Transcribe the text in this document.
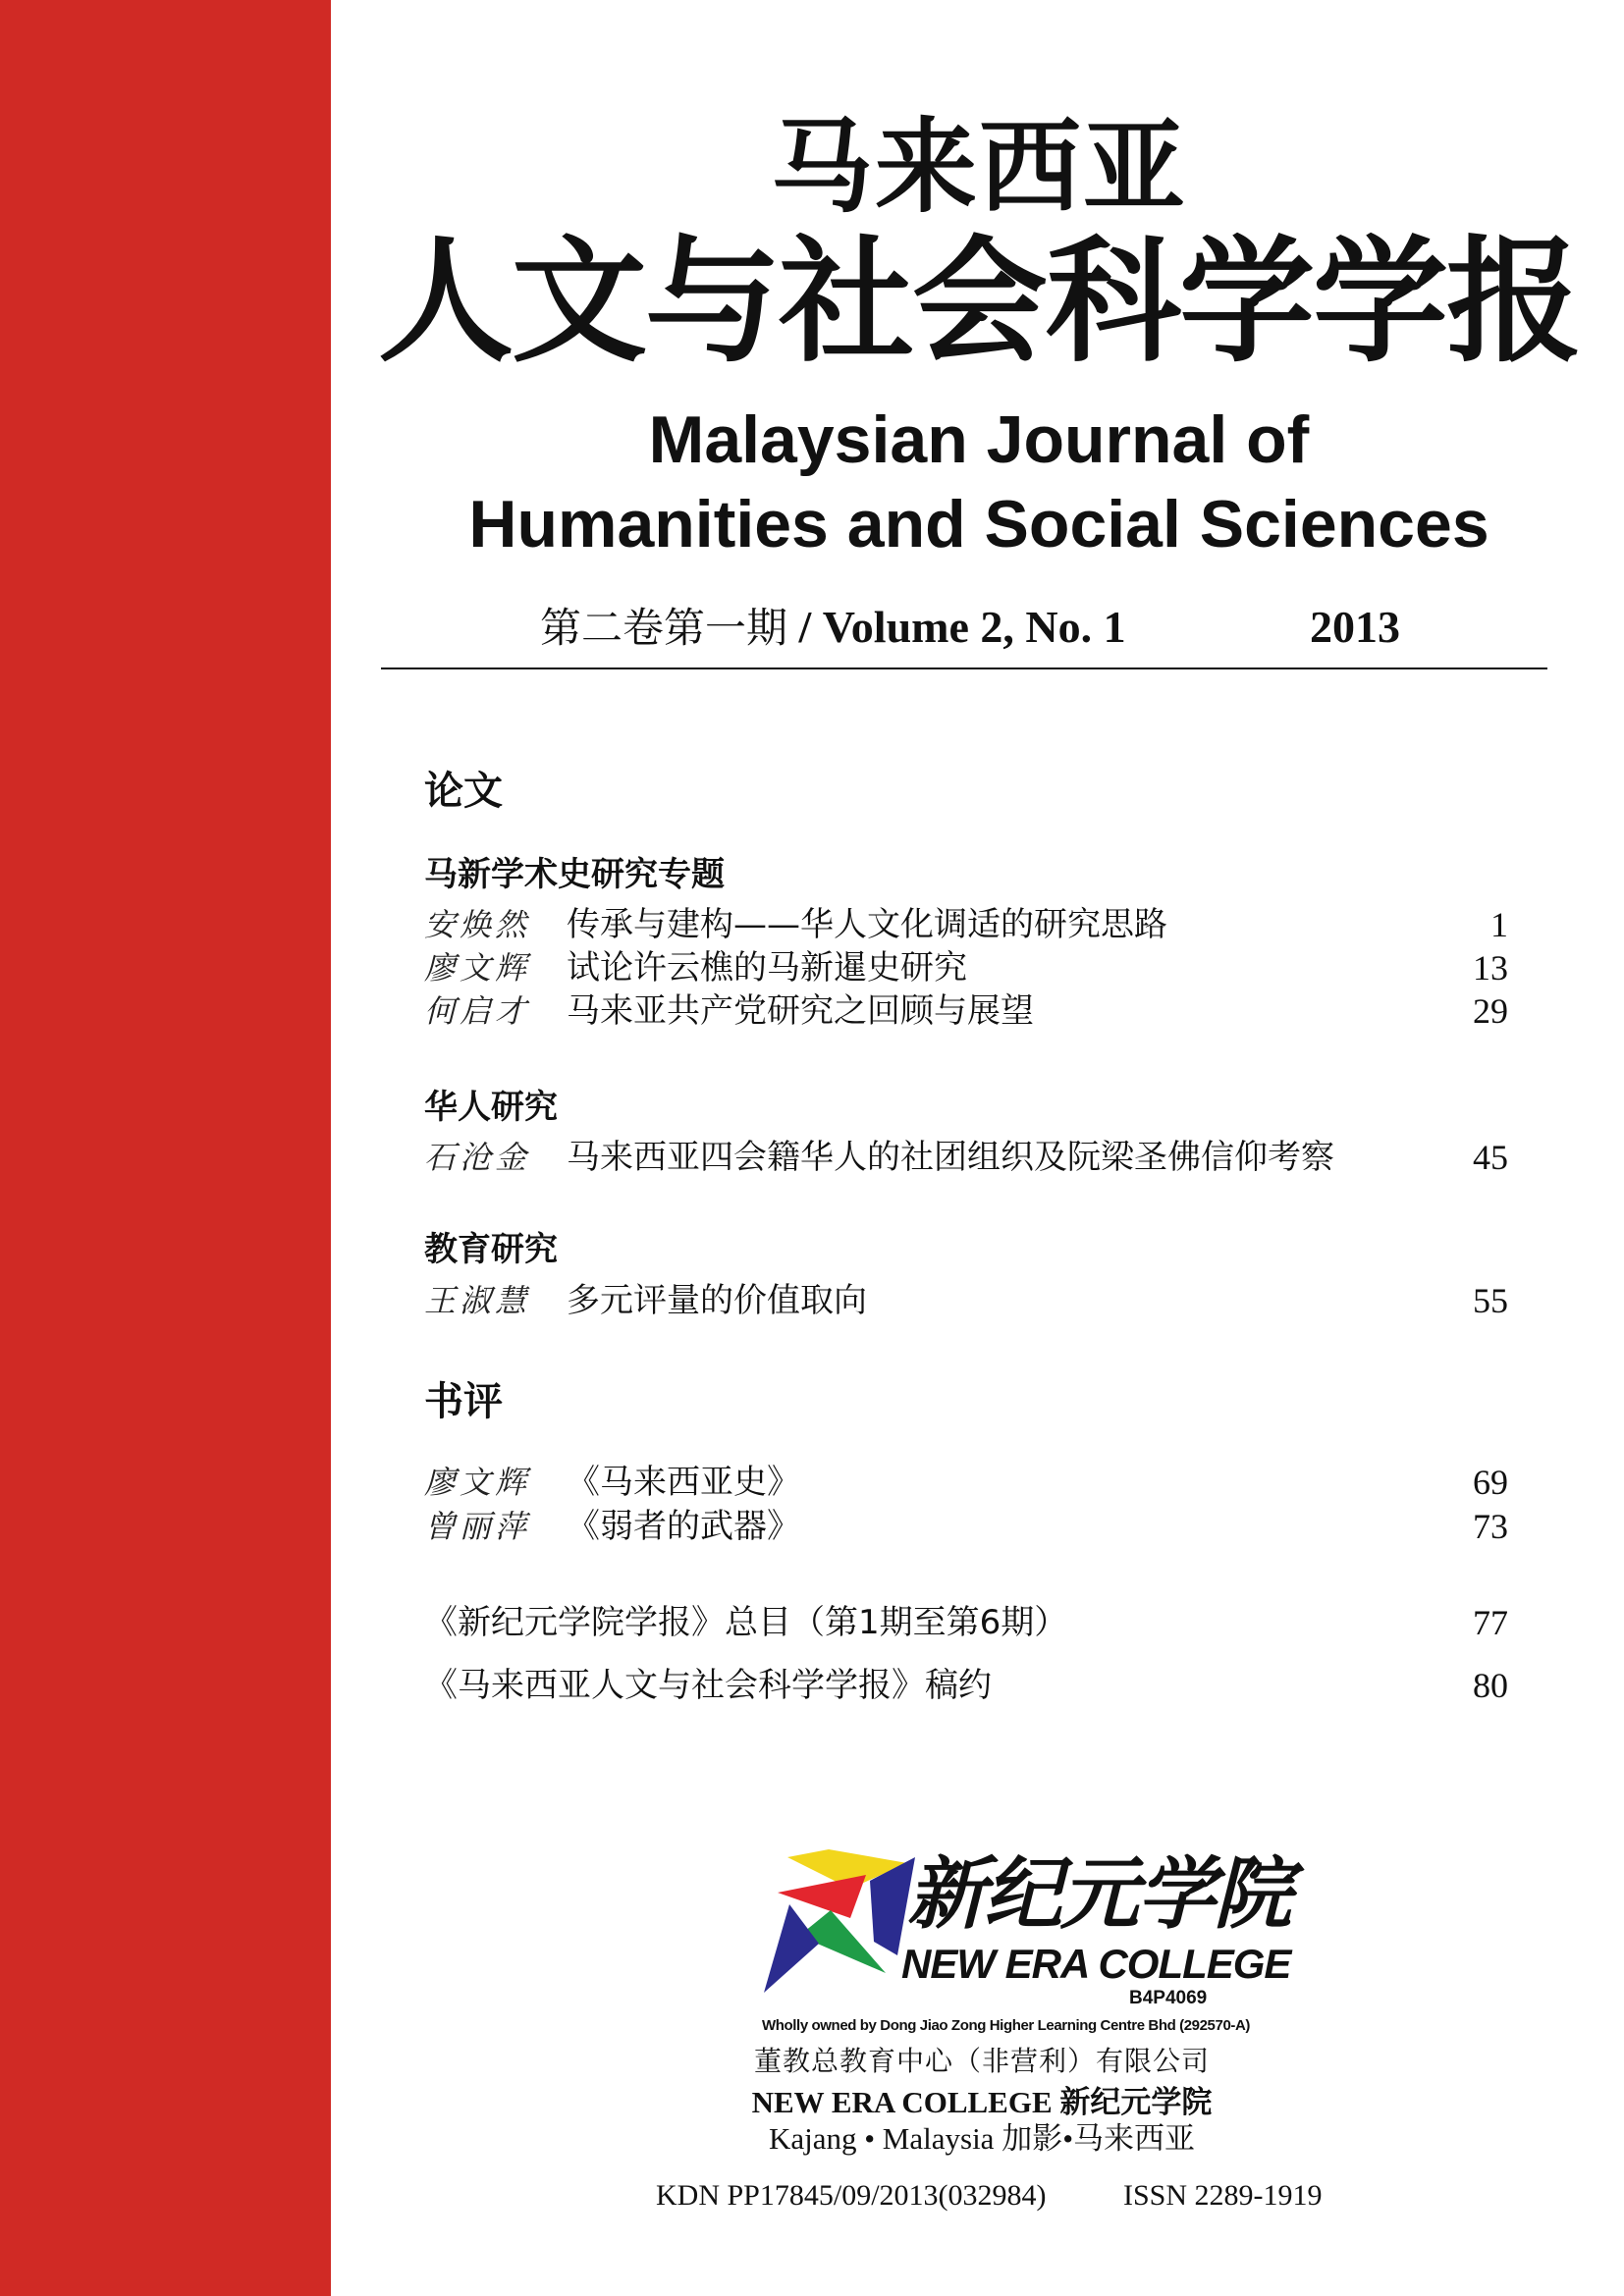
马来西亚
人文与社会科学学报
Malaysian Journal of
Humanities and Social Sciences
第二卷第一期 / Volume 2, No. 1	2013
论文
马新学术史研究专题
安焕然 传承与建构——华人文化调适的研究思路	1
廖文辉 试论许云樵的马新暹史研究	13
何启才 马来亚共产党研究之回顾与展望	29
华人研究
石沧金 马来西亚四会籍华人的社团组织及阮梁圣佛信仰考察	45
教育研究
王淑慧 多元评量的价值取向	55
书评
廖文辉 《马来西亚史》	69
曾丽萍 《弱者的武器》	73
《新纪元学院学报》总目（第1期至第6期）	77
《马来西亚人文与社会科学学报》稿约	80
新纪元学院
NEW ERA COLLEGE
B4P4069
Wholly owned by Dong Jiao Zong Higher Learning Centre Bhd (292570-A)
董教总教育中心（非营利）有限公司
NEW ERA COLLEGE 新纪元学院
Kajang • Malaysia 加影•马来西亚
KDN PP17845/09/2013(032984)	ISSN 2289-1919
